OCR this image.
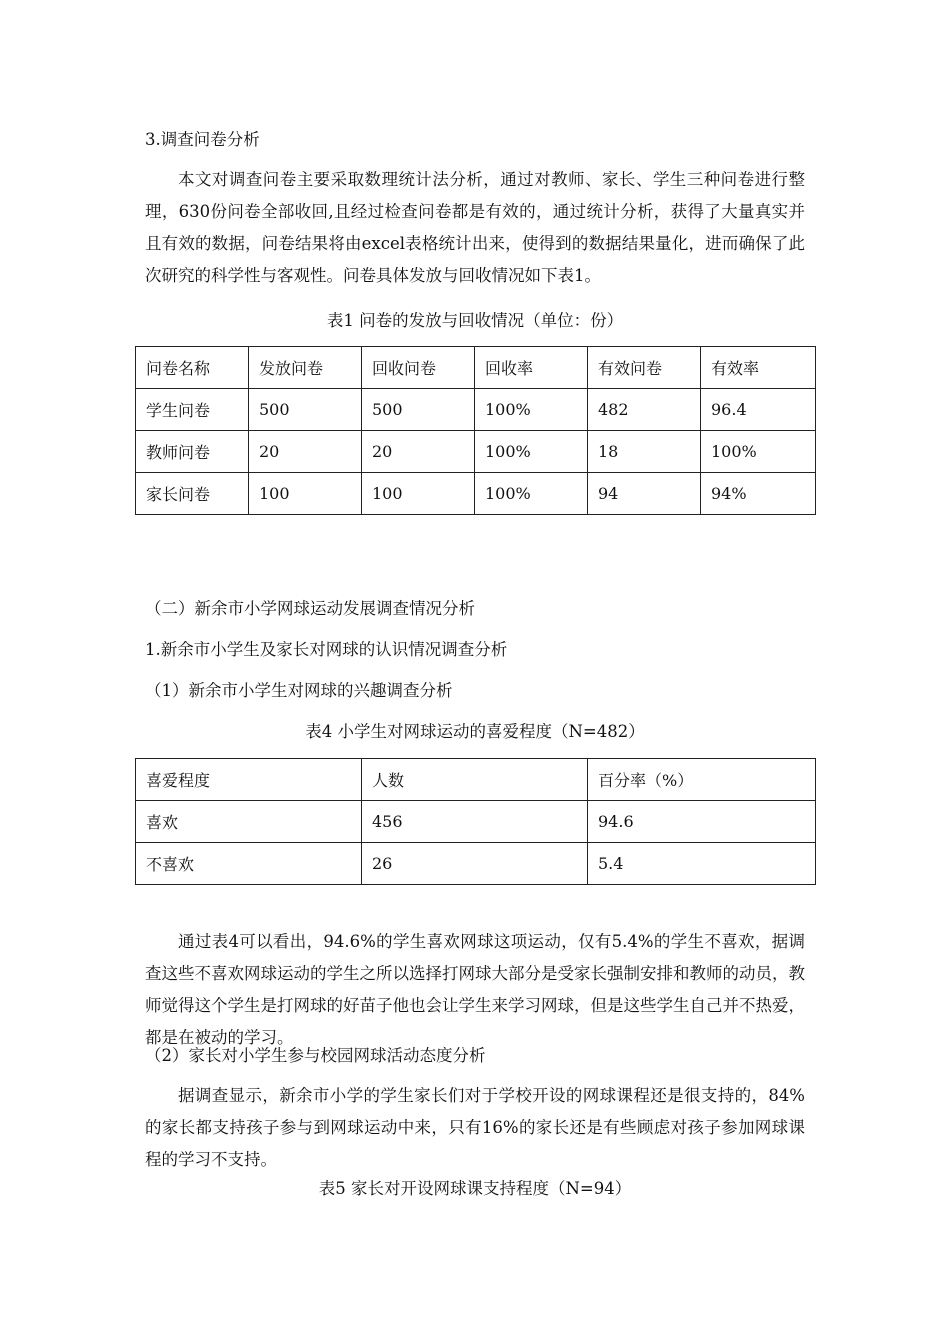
3.调查问卷分析
本文对调查问卷主要采取数理统计法分析，通过对教师、家长、学生三种问卷进行整理，630份问卷全部收回,且经过检查问卷都是有效的，通过统计分析，获得了大量真实并且有效的数据，问卷结果将由excel表格统计出来，使得到的数据结果量化，进而确保了此次研究的科学性与客观性。问卷具体发放与回收情况如下表1。
表1 问卷的发放与回收情况（单位：份）
问卷名称	发放问卷	回收问卷	回收率	有效问卷	有效率
学生问卷	500	500	100%	482	96.4
教师问卷	20	20	100%	18	100%
家长问卷	100	100	100%	94	94%
（二）新余市小学网球运动发展调查情况分析
1.新余市小学生及家长对网球的认识情况调查分析
（1）新余市小学生对网球的兴趣调查分析
表4 小学生对网球运动的喜爱程度（N=482）
喜爱程度	人数	百分率（%）
喜欢	456	94.6
不喜欢	26	5.4
通过表4可以看出，94.6%的学生喜欢网球这项运动，仅有5.4%的学生不喜欢，据调查这些不喜欢网球运动的学生之所以选择打网球大部分是受家长强制安排和教师的动员，教师觉得这个学生是打网球的好苗子他也会让学生来学习网球，但是这些学生自己并不热爱，都是在被动的学习。
（2）家长对小学生参与校园网球活动态度分析
据调查显示，新余市小学的学生家长们对于学校开设的网球课程还是很支持的，84%的家长都支持孩子参与到网球运动中来，只有16%的家长还是有些顾虑对孩子参加网球课程的学习不支持。
表5 家长对开设网球课支持程度（N=94）
